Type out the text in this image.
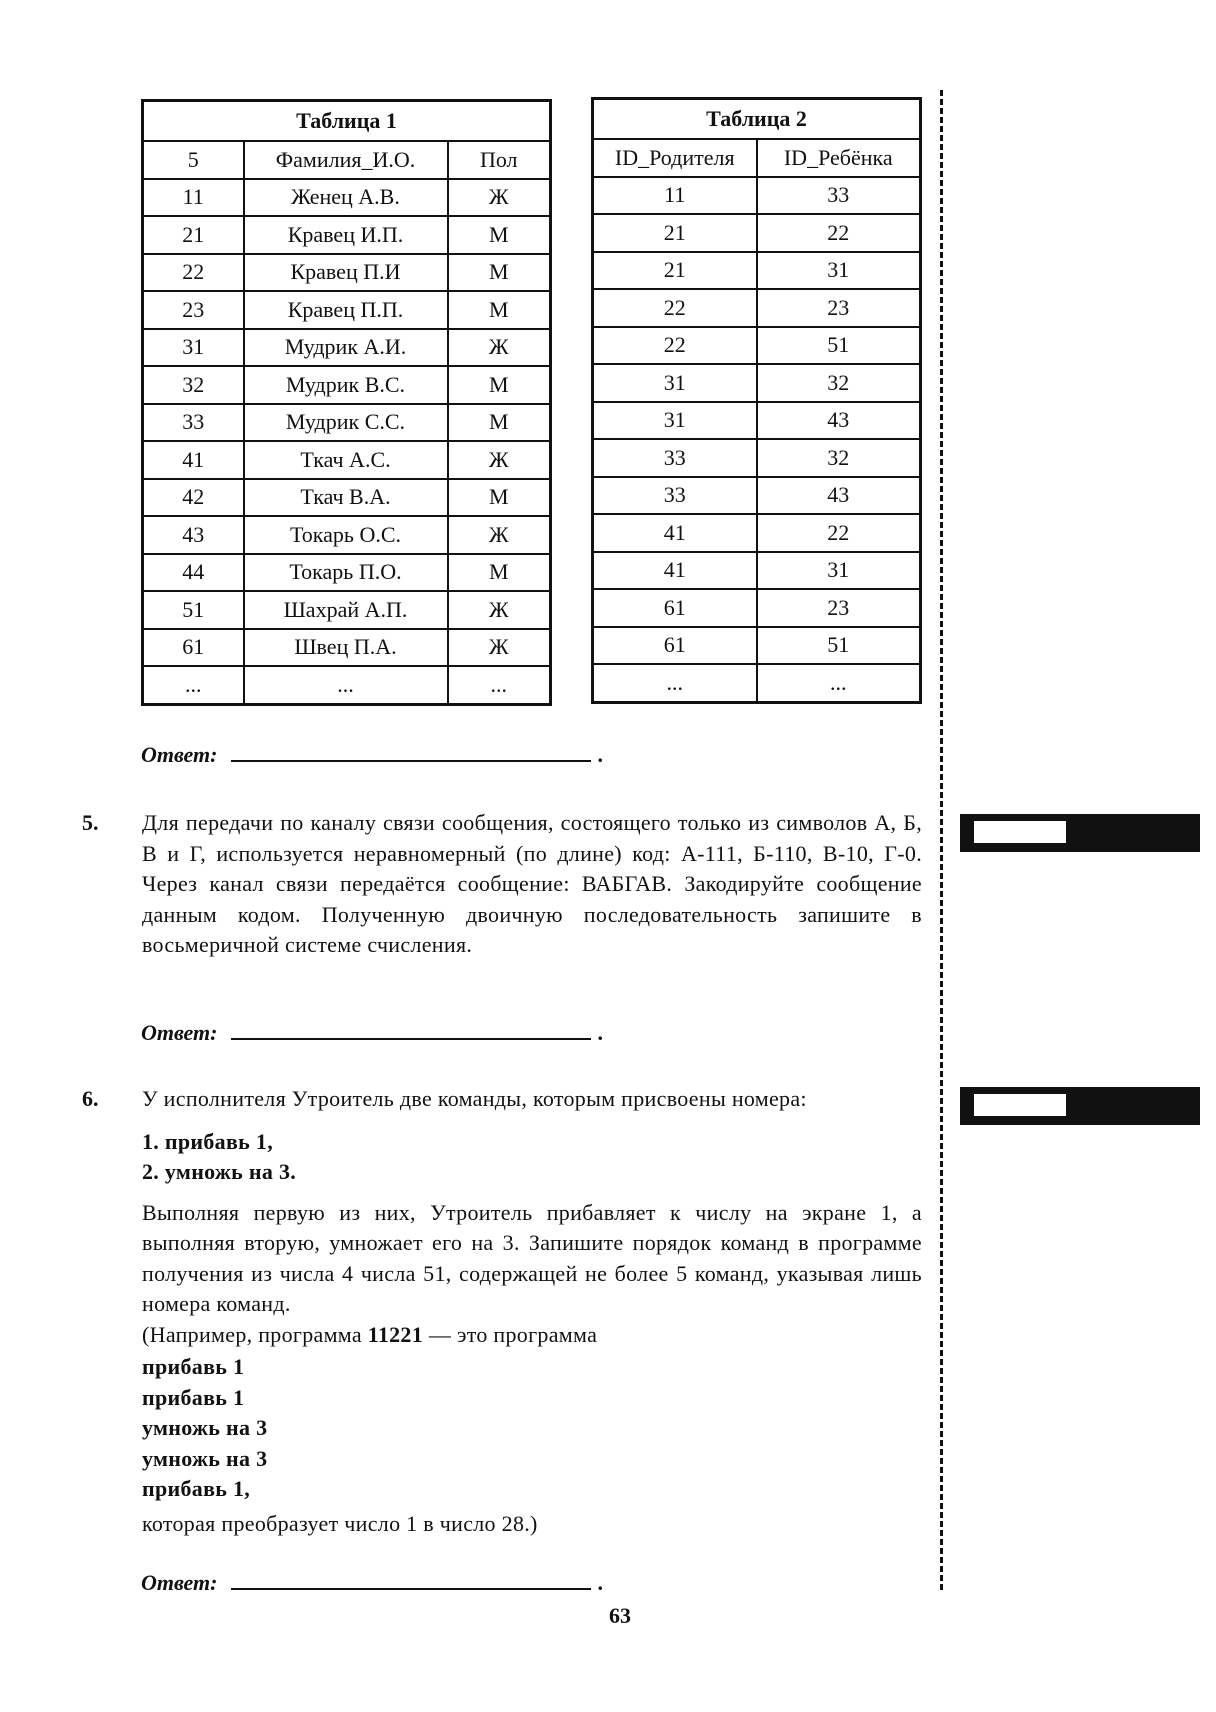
Таблица 1		
5	Фамилия_И.О.	Пол
11	Женец А.В.	Ж
21	Кравец И.П.	М
22	Кравец П.И	М
23	Кравец П.П.	М
31	Мудрик А.И.	Ж
32	Мудрик В.С.	М
33	Мудрик С.С.	М
41	Ткач А.С.	Ж
42	Ткач В.А.	М
43	Токарь О.С.	Ж
44	Токарь П.О.	М
51	Шахрай А.П.	Ж
61	Швец П.А.	Ж
...	...	...
Таблица 2	
ID_Родителя	ID_Ребёнка
11	33
21	22
21	31
22	23
22	51
31	32
31	43
33	32
33	43
41	22
41	31
61	23
61	51
...	...
Ответ:	.
5. Для передачи по каналу связи сообщения, состоящего только из символов А, Б, В и Г, используется неравномерный (по длине) код: А-111, Б-110, В-10, Г-0. Через канал связи передаётся сообщение: ВАБГАВ. Закодируйте сообщение данным кодом. Полученную двоичную последовательность запишите в восьмеричной системе счисления.

Ответ:	.
6. У исполнителя Утроитель две команды, которым присвоены номера:

1. прибавь 1,

2. умножь на 3.

Выполняя первую из них, Утроитель прибавляет к числу на экране 1, а выполняя вторую, умножает его на 3. Запишите порядок команд в программе получения из числа 4 числа 51, содержащей не более 5 команд, указывая лишь номера команд.

(Например, программа 11221 — это программа

прибавь 1

прибавь 1

умножь на 3

умножь на 3

прибавь 1,

которая преобразует число 1 в число 28.)

Ответ:	.
63
